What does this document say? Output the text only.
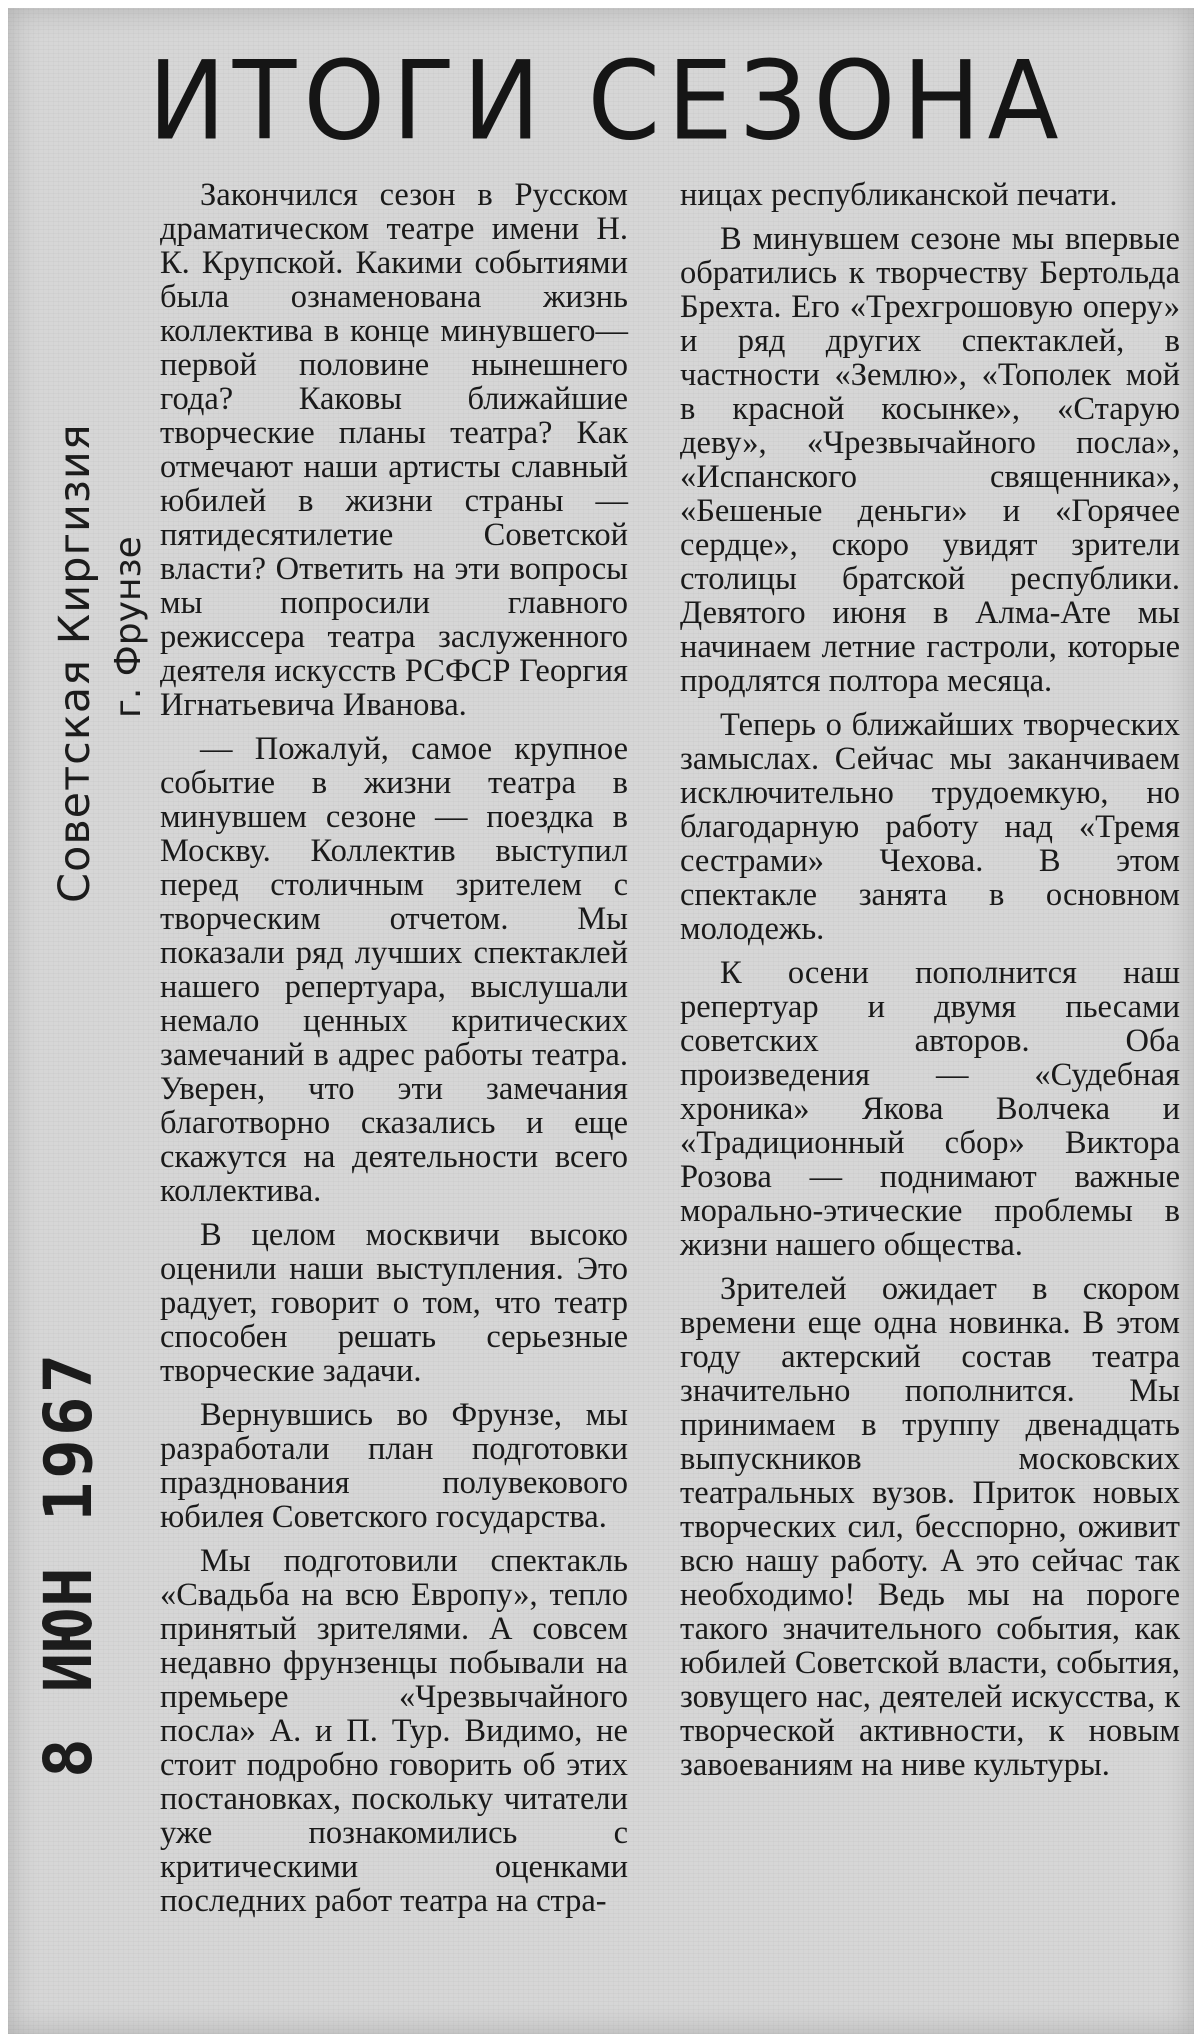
ИТОГИ СЕЗОНА
Советская Киргизия г. Фрунзе
8 ИЮН 1967

Закончился сезон в Русском драматическом театре имени Н. К. Крупской. Какими событиями была ознаменована жизнь коллектива в конце минувшего—первой половине нынешнего года? Каковы ближайшие творческие планы театра? Как отмечают наши артисты славный юбилей в жизни страны — пятидесятилетие Советской власти? Ответить на эти вопросы мы попросили главного режиссера театра заслуженного деятеля искусств РСФСР Георгия Игнатьевича Иванова.

— Пожалуй, самое крупное событие в жизни театра в минувшем сезоне — поездка в Москву. Коллектив выступил перед столичным зрителем с творческим отчетом. Мы показали ряд лучших спектаклей нашего репертуара, выслушали немало ценных критических замечаний в адрес работы театра. Уверен, что эти замечания благотворно сказались и еще скажутся на деятельности всего коллектива.

В целом москвичи высоко оценили наши выступления. Это радует, говорит о том, что театр способен решать серьезные творческие задачи.

Вернувшись во Фрунзе, мы разработали план подготовки празднования полувекового юбилея Советского государства.

Мы подготовили спектакль «Свадьба на всю Европу», тепло принятый зрителями. А совсем недавно фрунзенцы побывали на премьере «Чрезвычайного посла» А. и П. Тур. Видимо, не стоит подробно говорить об этих постановках, поскольку читатели уже познакомились с критическими оценками последних работ театра на стра-

ницах республиканской печати.

В минувшем сезоне мы впервые обратились к творчеству Бертольда Брехта. Его «Трехгрошовую оперу» и ряд других спектаклей, в частности «Землю», «Тополек мой в красной косынке», «Старую деву», «Чрезвычайного посла», «Испанского священника», «Бешеные деньги» и «Горячее сердце», скоро увидят зрители столицы братской республики. Девятого июня в Алма-Ате мы начинаем летние гастроли, которые продлятся полтора месяца.

Теперь о ближайших творческих замыслах. Сейчас мы заканчиваем исключительно трудоемкую, но благодарную работу над «Тремя сестрами» Чехова. В этом спектакле занята в основном молодежь.

К осени пополнится наш репертуар и двумя пьесами советских авторов. Оба произведения — «Судебная хроника» Якова Волчека и «Традиционный сбор» Виктора Розова — поднимают важные морально-этические проблемы в жизни нашего общества.

Зрителей ожидает в скором времени еще одна новинка. В этом году актерский состав театра значительно пополнится. Мы принимаем в труппу двенадцать выпускников московских театральных вузов. Приток новых творческих сил, бесспорно, оживит всю нашу работу. А это сейчас так необходимо! Ведь мы на пороге такого значительного события, как юбилей Советской власти, события, зовущего нас, деятелей искусства, к творческой активности, к новым завоеваниям на ниве культуры.
